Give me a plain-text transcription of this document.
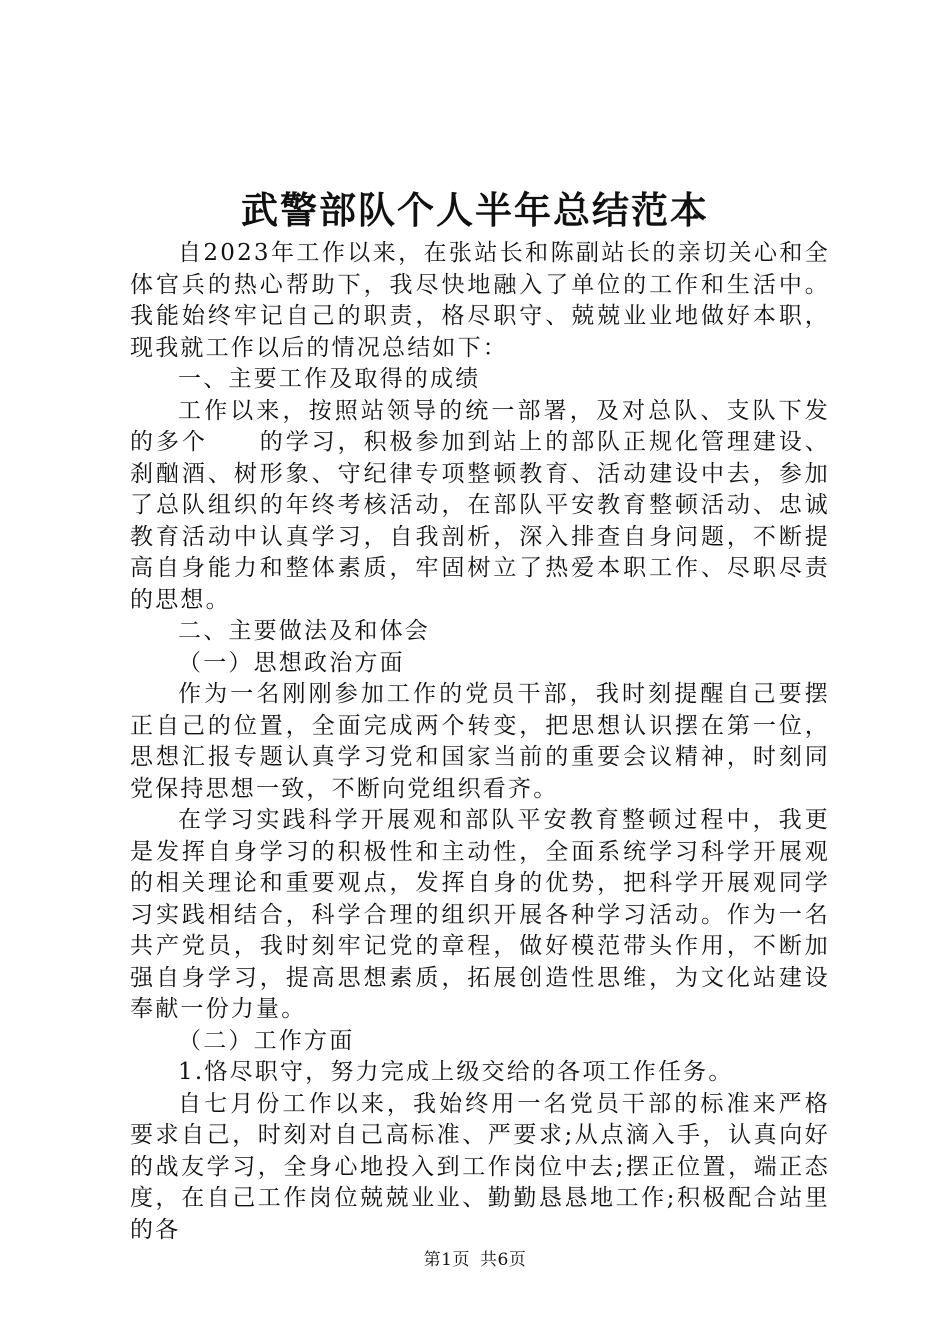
武警部队个人半年总结范本

自2023年工作以来，在张站长和陈副站长的亲切关心和全体官兵的热心帮助下，我尽快地融入了单位的工作和生活中。我能始终牢记自己的职责，格尽职守、兢兢业业地做好本职，现我就工作以后的情况总结如下：

一、主要工作及取得的成绩

工作以来，按照站领导的统一部署，及对总队、支队下发的多个　　的学习，积极参加到站上的部队正规化管理建设、刹酗酒、树形象、守纪律专项整顿教育、活动建设中去，参加了总队组织的年终考核活动，在部队平安教育整顿活动、忠诚教育活动中认真学习，自我剖析，深入排查自身问题，不断提高自身能力和整体素质，牢固树立了热爱本职工作、尽职尽责的思想。

二、主要做法及和体会

（一）思想政治方面

作为一名刚刚参加工作的党员干部，我时刻提醒自己要摆正自己的位置，全面完成两个转变，把思想认识摆在第一位，思想汇报专题认真学习党和国家当前的重要会议精神，时刻同党保持思想一致，不断向党组织看齐。

在学习实践科学开展观和部队平安教育整顿过程中，我更是发挥自身学习的积极性和主动性，全面系统学习科学开展观的相关理论和重要观点，发挥自身的优势，把科学开展观同学习实践相结合，科学合理的组织开展各种学习活动。作为一名共产党员，我时刻牢记党的章程，做好模范带头作用，不断加强自身学习，提高思想素质，拓展创造性思维，为文化站建设奉献一份力量。

（二）工作方面

1.恪尽职守，努力完成上级交给的各项工作任务。

自七月份工作以来，我始终用一名党员干部的标准来严格要求自己，时刻对自己高标准、严要求;从点滴入手，认真向好的战友学习，全身心地投入到工作岗位中去;摆正位置，端正态度，在自己工作岗位兢兢业业、勤勤恳恳地工作;积极配合站里的各

第1页 共6页
